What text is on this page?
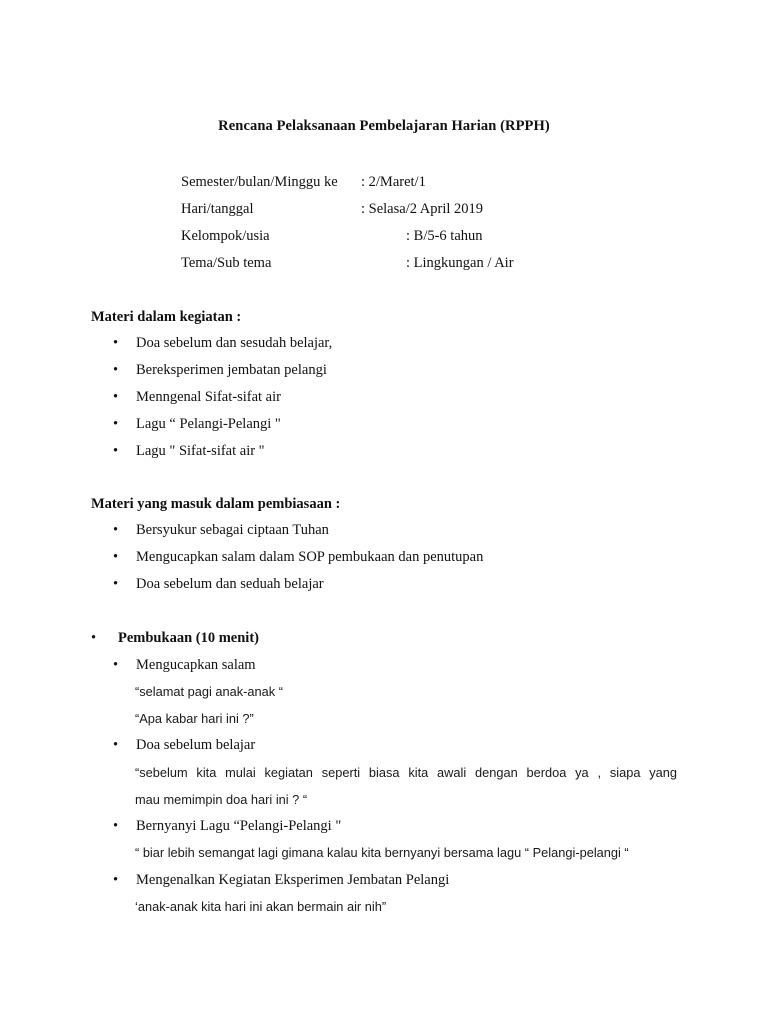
Rencana Pelaksanaan Pembelajaran Harian (RPPH)
Semester/bulan/Minggu ke : 2/Maret/1
Hari/tanggal	: Selasa/2 April 2019
Kelompok/usia	: B/5-6 tahun
Tema/Sub tema	: Lingkungan / Air
Materi dalam kegiatan :
• Doa sebelum dan sesudah belajar,
• Bereksperimen jembatan pelangi
• Menngenal Sifat-sifat air
• Lagu “ Pelangi-Pelangi "
• Lagu " Sifat-sifat air "
Materi yang masuk dalam pembiasaan :
• Bersyukur sebagai ciptaan Tuhan
• Mengucapkan salam dalam SOP pembukaan dan penutupan
• Doa sebelum dan seduah belajar
• Pembukaan (10 menit)
• Mengucapkan salam
“selamat pagi anak-anak “
“Apa kabar hari ini ?”
• Doa sebelum belajar
“sebelum kita mulai kegiatan seperti biasa kita awali dengan berdoa ya , siapa yang
mau memimpin doa hari ini ? “
• Bernyanyi Lagu “Pelangi-Pelangi "
“ biar lebih semangat lagi gimana kalau kita bernyanyi bersama lagu “ Pelangi-pelangi “
• Mengenalkan Kegiatan Eksperimen Jembatan Pelangi
‘anak-anak kita hari ini akan bermain air nih”
